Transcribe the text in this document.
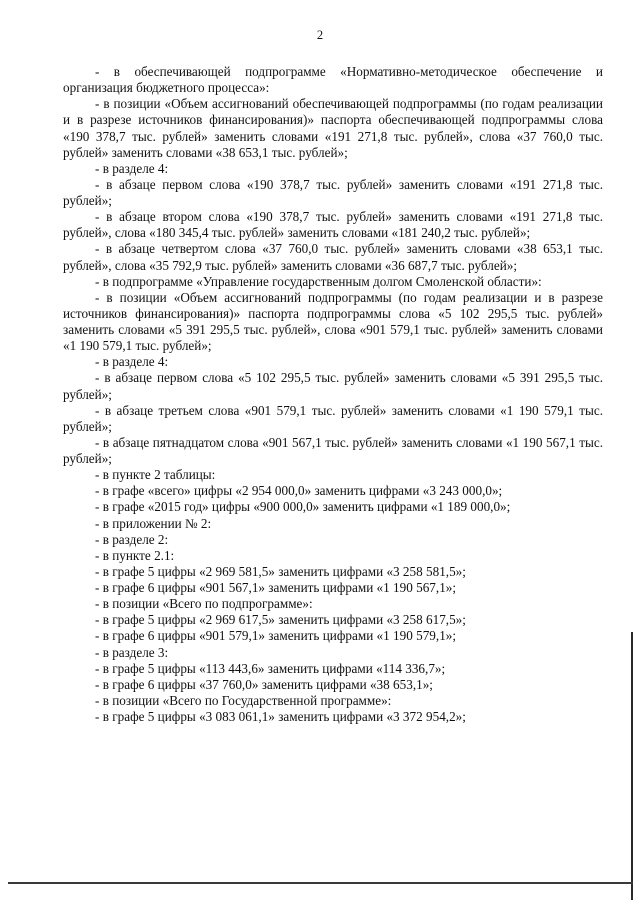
2

- в обеспечивающей подпрограмме «Нормативно-методическое обеспечение и организация бюджетного процесса»:

- в позиции «Объем ассигнований обеспечивающей подпрограммы (по годам реализации и в разрезе источников финансирования)» паспорта обеспечивающей подпрограммы слова «190 378,7 тыс. рублей» заменить словами «191 271,8 тыс. рублей», слова «37 760,0 тыс. рублей» заменить словами «38 653,1 тыс. рублей»;

- в разделе 4:

- в абзаце первом слова «190 378,7 тыс. рублей» заменить словами «191 271,8 тыс. рублей»;

- в абзаце втором слова «190 378,7 тыс. рублей» заменить словами «191 271,8 тыс. рублей», слова «180 345,4 тыс. рублей» заменить словами «181 240,2 тыс. рублей»;

- в абзаце четвертом слова «37 760,0 тыс. рублей» заменить словами «38 653,1 тыс. рублей», слова «35 792,9 тыс. рублей» заменить словами «36 687,7 тыс. рублей»;

- в подпрограмме «Управление государственным долгом Смоленской области»:

- в позиции «Объем ассигнований подпрограммы (по годам реализации и в разрезе источников финансирования)» паспорта подпрограммы слова «5 102 295,5 тыс. рублей» заменить словами «5 391 295,5 тыс. рублей», слова «901 579,1 тыс. рублей» заменить словами «1 190 579,1 тыс. рублей»;

- в разделе 4:

- в абзаце первом слова «5 102 295,5 тыс. рублей» заменить словами «5 391 295,5 тыс. рублей»;

- в абзаце третьем слова «901 579,1 тыс. рублей» заменить словами «1 190 579,1 тыс. рублей»;

- в абзаце пятнадцатом слова «901 567,1 тыс. рублей» заменить словами «1 190 567,1 тыс. рублей»;

- в пункте 2 таблицы:

- в графе «всего» цифры «2 954 000,0» заменить цифрами «3 243 000,0»;

- в графе «2015 год» цифры «900 000,0» заменить цифрами «1 189 000,0»;

- в приложении № 2:

- в разделе 2:

- в пункте 2.1:

- в графе 5 цифры «2 969 581,5» заменить цифрами «3 258 581,5»;

- в графе 6 цифры «901 567,1» заменить цифрами «1 190 567,1»;

- в позиции «Всего по подпрограмме»:

- в графе 5 цифры «2 969 617,5» заменить цифрами «3 258 617,5»;

- в графе 6 цифры «901 579,1» заменить цифрами «1 190 579,1»;

- в разделе 3:

- в графе 5 цифры «113 443,6» заменить цифрами «114 336,7»;

- в графе 6 цифры «37 760,0» заменить цифрами «38 653,1»;

- в позиции «Всего по Государственной программе»:

- в графе 5 цифры «3 083 061,1» заменить цифрами «3 372 954,2»;
